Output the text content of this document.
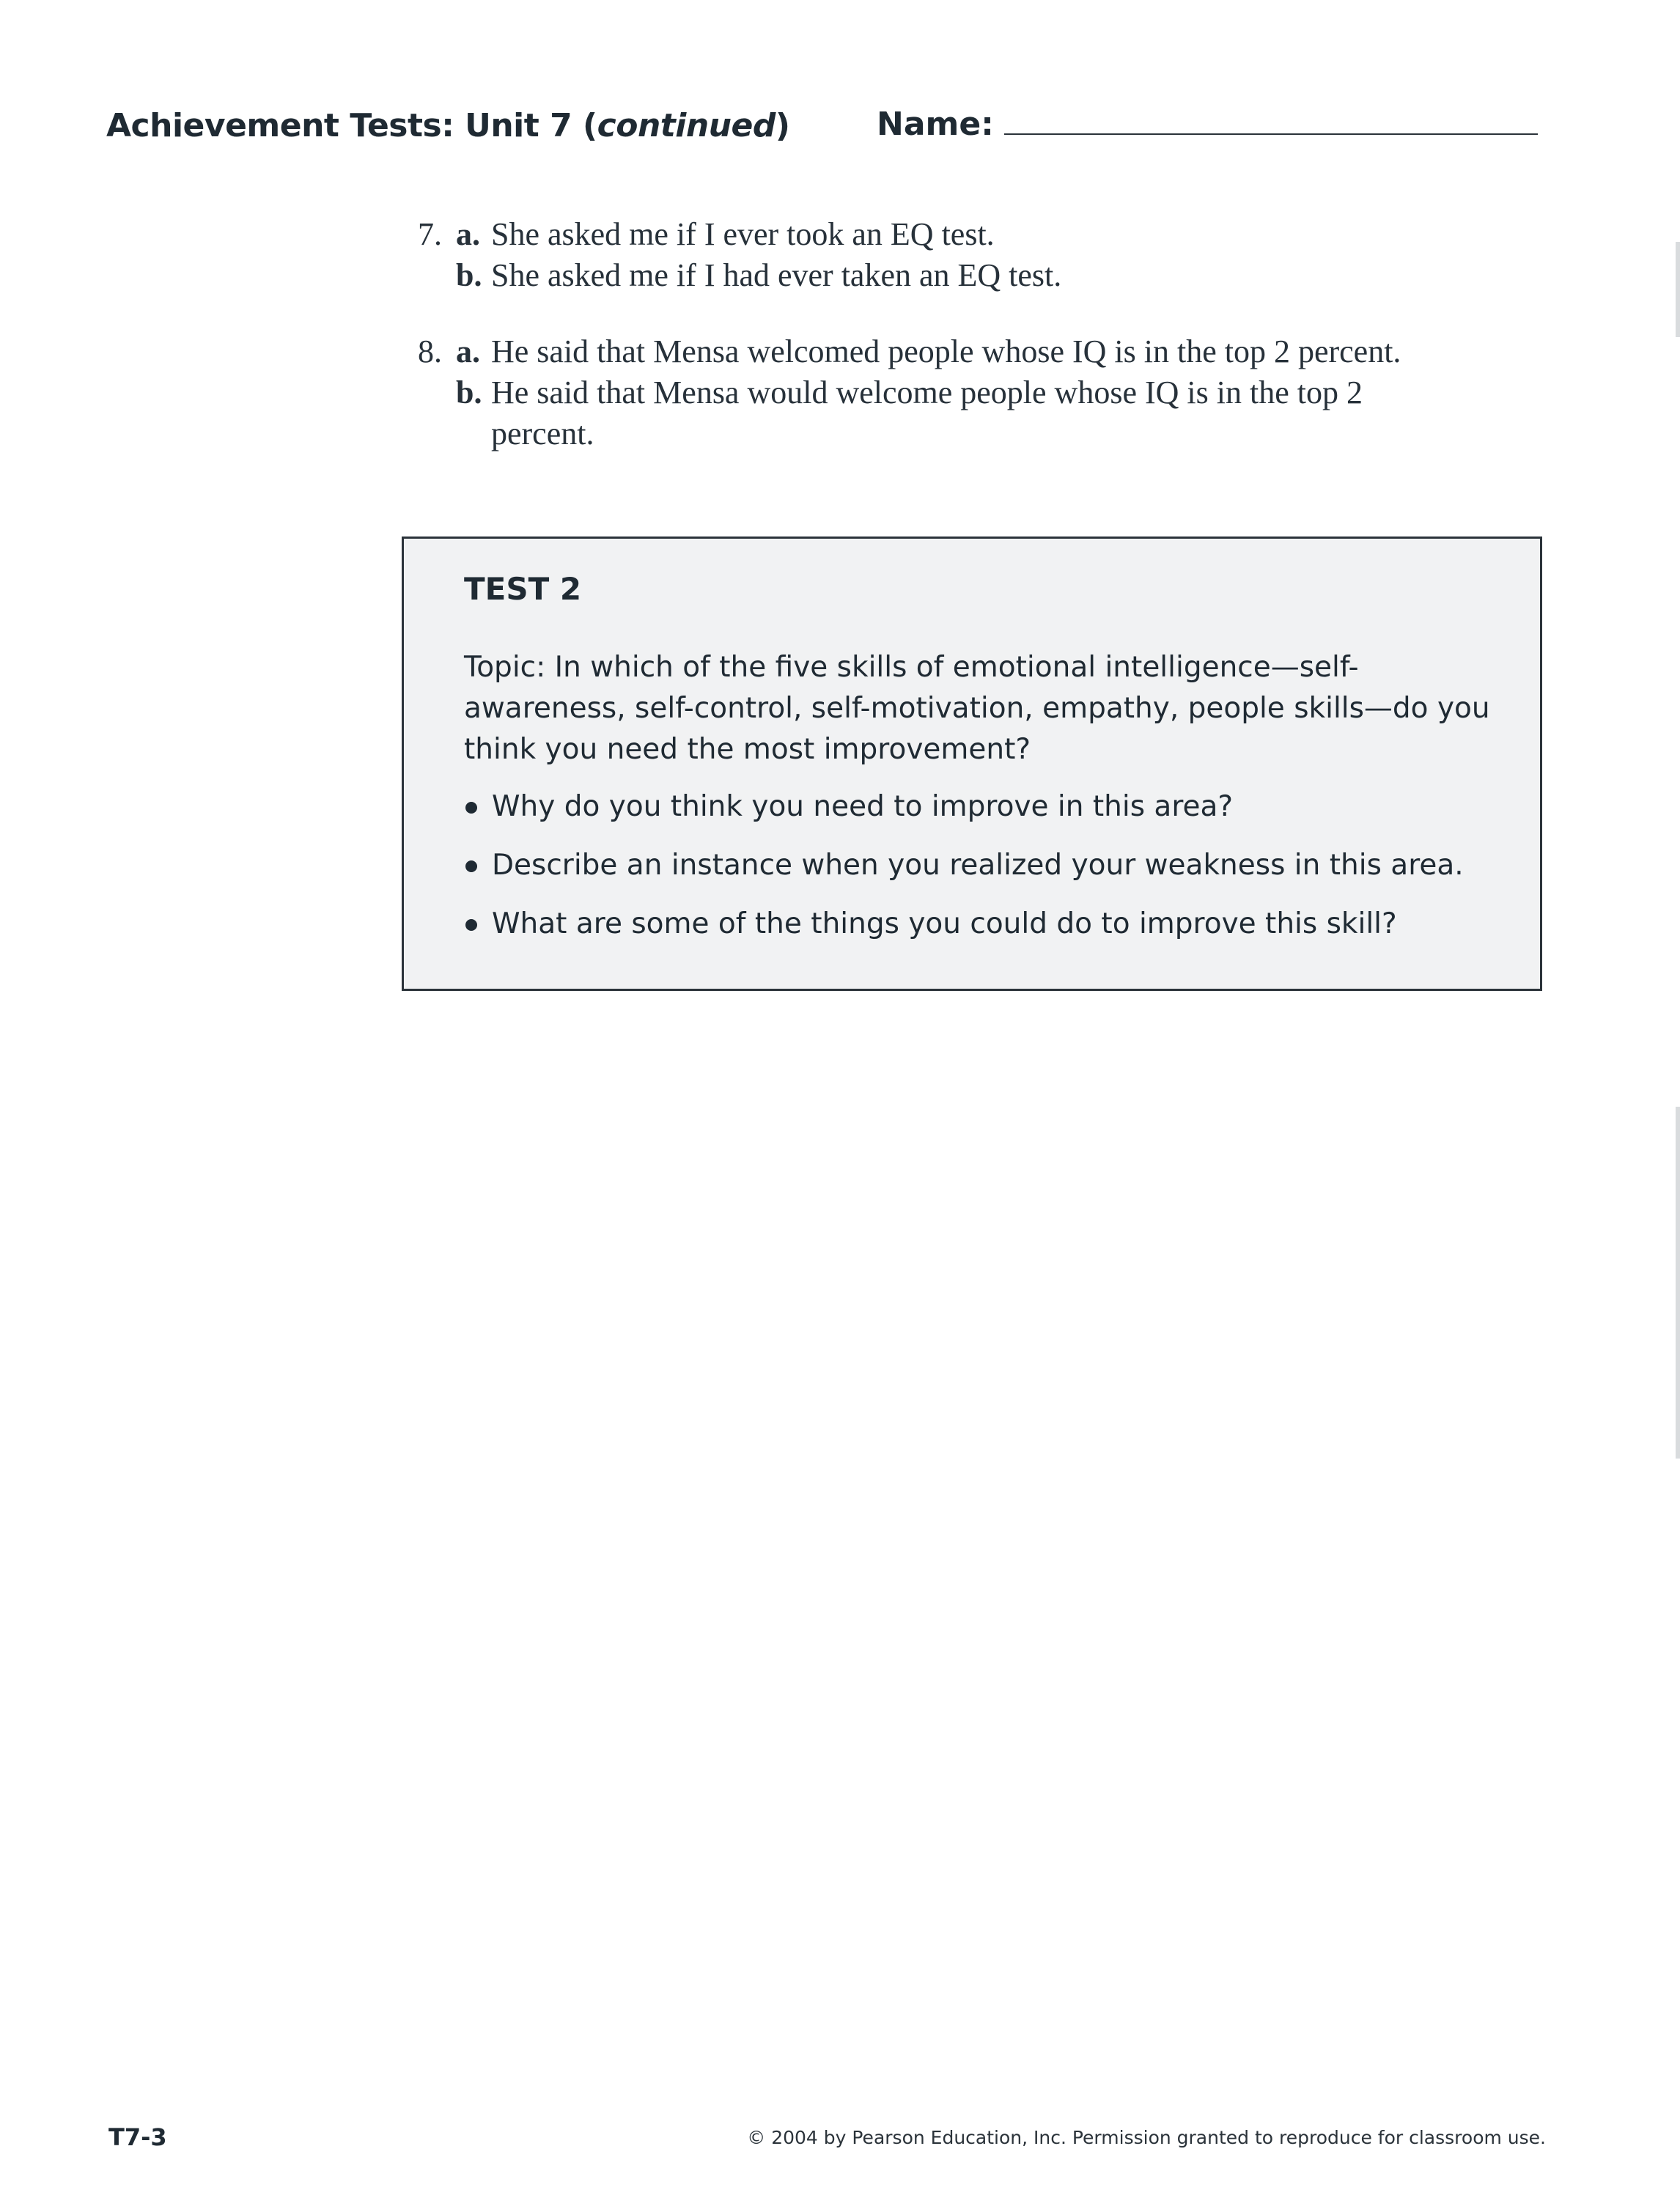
Achievement Tests: Unit 7 (continued)	Name:
7. a. She asked me if I ever took an EQ test.
b. She asked me if I had ever taken an EQ test.
8. a. He said that Mensa welcomed people whose IQ is in the top 2 percent.
b. He said that Mensa would welcome people whose IQ is in the top 2 percent.
TEST 2
Topic: In which of the five skills of emotional intelligence—self-awareness, self-control, self-motivation, empathy, people skills—do you think you need the most improvement?
Why do you think you need to improve in this area?
Describe an instance when you realized your weakness in this area.
What are some of the things you could do to improve this skill?
T7-3	© 2004 by Pearson Education, Inc. Permission granted to reproduce for classroom use.
